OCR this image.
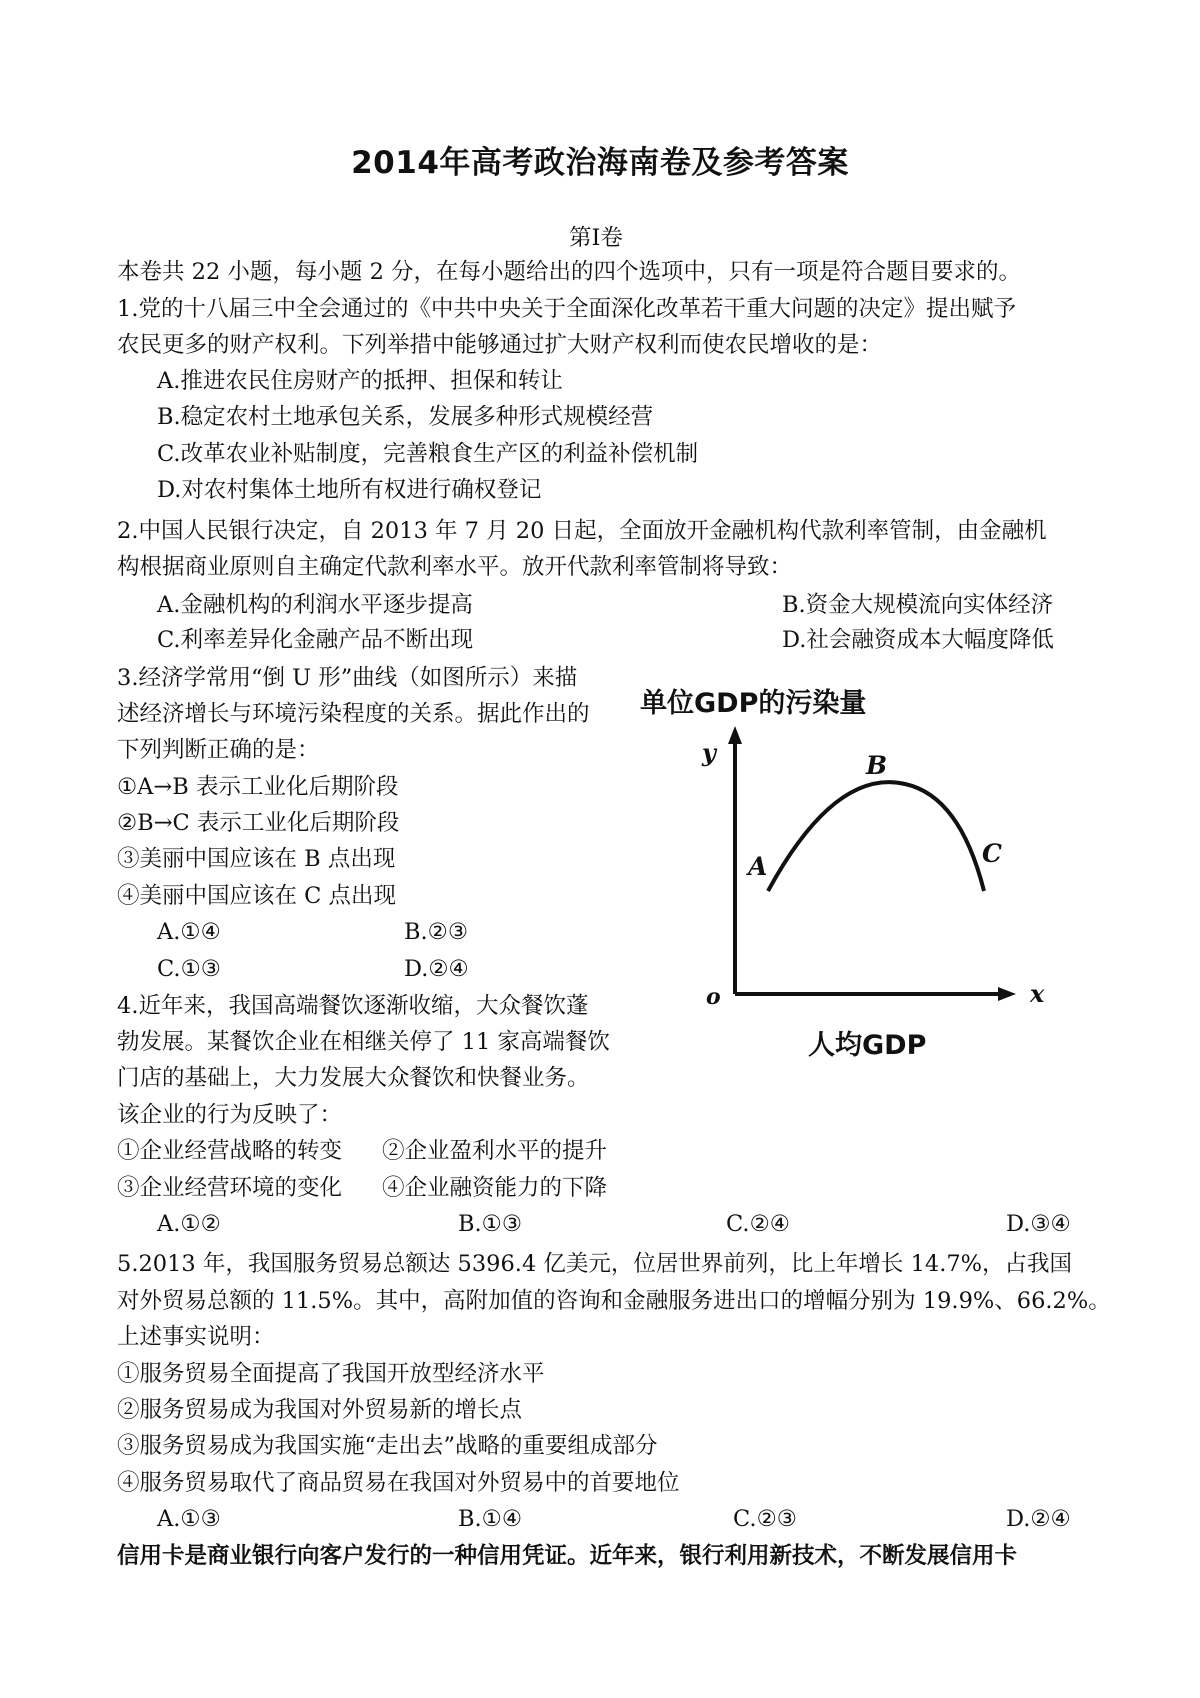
2014年高考政治海南卷及参考答案
第Ⅰ卷
本卷共 22 小题，每小题 2 分，在每小题给出的四个选项中，只有一项是符合题目要求的。
1.党的十八届三中全会通过的《中共中央关于全面深化改革若干重大问题的决定》提出赋予
农民更多的财产权利。下列举措中能够通过扩大财产权利而使农民增收的是：
A.推进农民住房财产的抵押、担保和转让
B.稳定农村土地承包关系，发展多种形式规模经营
C.改革农业补贴制度，完善粮食生产区的利益补偿机制
D.对农村集体土地所有权进行确权登记
2.中国人民银行决定，自 2013 年 7 月 20 日起，全面放开金融机构代款利率管制，由金融机
构根据商业原则自主确定代款利率水平。放开代款利率管制将导致：
A.金融机构的利润水平逐步提高	B.资金大规模流向实体经济
C.利率差异化金融产品不断出现	D.社会融资成本大幅度降低
3.经济学常用“倒 U 形”曲线（如图所示）来描
述经济增长与环境污染程度的关系。据此作出的
下列判断正确的是：
①A→B 表示工业化后期阶段
②B→C 表示工业化后期阶段
③美丽中国应该在 B 点出现
④美丽中国应该在 C 点出现
A.①④	B.②③
C.①③	D.②④
单位GDP的污染量
y
x
o
A
B
C
人均GDP
4.近年来，我国高端餐饮逐渐收缩，大众餐饮蓬
勃发展。某餐饮企业在相继关停了 11 家高端餐饮
门店的基础上，大力发展大众餐饮和快餐业务。
该企业的行为反映了：
①企业经营战略的转变 ②企业盈利水平的提升
③企业经营环境的变化 ④企业融资能力的下降
A.①②	B.①③	C.②④	D.③④
5.2013 年，我国服务贸易总额达 5396.4 亿美元，位居世界前列，比上年增长 14.7%，占我国
对外贸易总额的 11.5%。其中，高附加值的咨询和金融服务进出口的增幅分别为 19.9%、66.2%。
上述事实说明：
①服务贸易全面提高了我国开放型经济水平
②服务贸易成为我国对外贸易新的增长点
③服务贸易成为我国实施“走出去”战略的重要组成部分
④服务贸易取代了商品贸易在我国对外贸易中的首要地位
A.①③	B.①④	C.②③	D.②④
信用卡是商业银行向客户发行的一种信用凭证。近年来，银行利用新技术，不断发展信用卡
